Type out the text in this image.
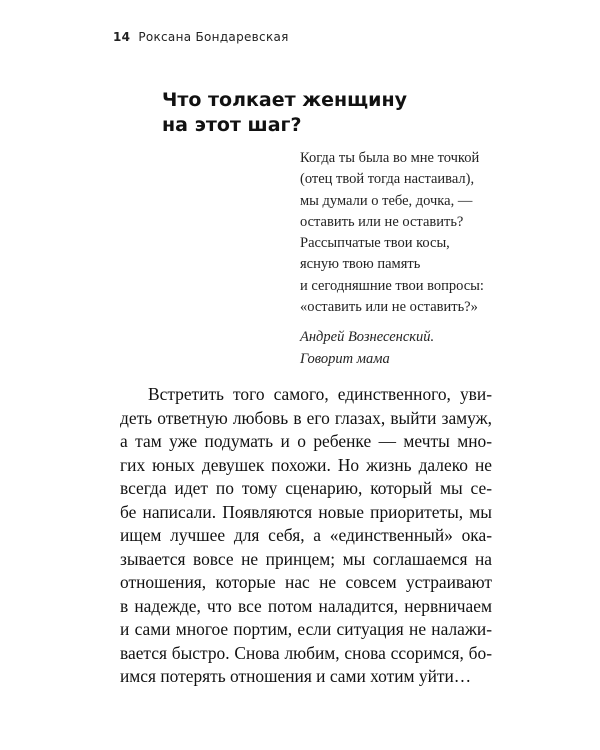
14 Роксана Бондаревская
Что толкает женщину
на этот шаг?
Когда ты была во мне точкой
(отец твой тогда настаивал),
мы думали о тебе, дочка, —
оставить или не оставить?
Рассыпчатые твои косы,
ясную твою память
и сегодняшние твои вопросы:
«оставить или не оставить?»
Андрей Вознесенский.
Говорит мама
Встретить того самого, единственного, уви-
деть ответную любовь в его глазах, выйти замуж,
а там уже подумать и о ребенке — мечты мно-
гих юных девушек похожи. Но жизнь далеко не
всегда идет по тому сценарию, который мы се-
бе написали. Появляются новые приоритеты, мы
ищем лучшее для себя, а «единственный» ока-
зывается вовсе не принцем; мы соглашаемся на
отношения, которые нас не совсем устраивают
в надежде, что все потом наладится, нервничаем
и сами многое портим, если ситуация не налажи-
вается быстро. Снова любим, снова ссоримся, бо-
имся потерять отношения и сами хотим уйти…
